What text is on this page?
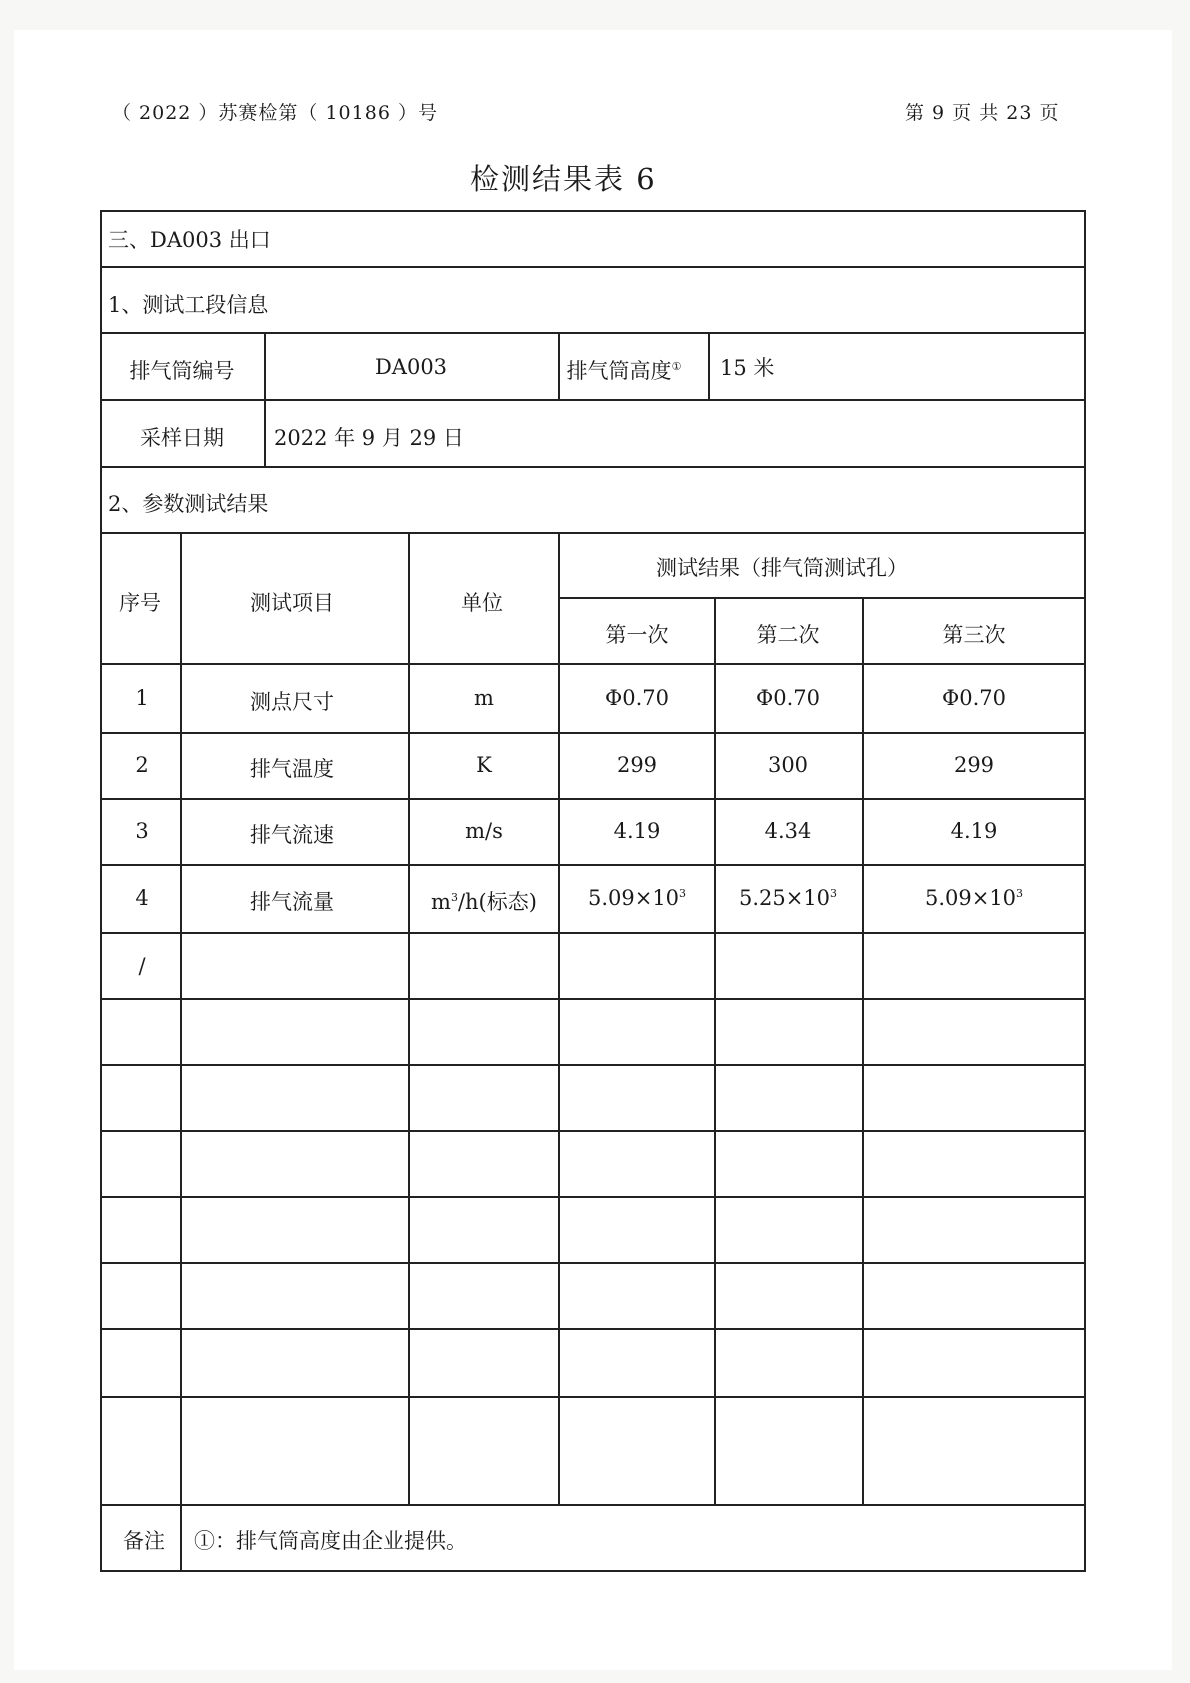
（ 2022 ）苏赛检第（ 10186 ）号	第 9 页 共 23 页
检测结果表 6
三、DA003 出口
1、测试工段信息
排气筒编号	DA003	排气筒高度① 15 米
采样日期 2022 年 9 月 29 日
2、参数测试结果
序号	测试项目	单位
测试结果（排气筒测试孔）
第一次	第二次	第三次
1	测点尺寸	m	Φ0.70	Φ0.70	Φ0.70
2	排气温度	K	299	300	299
3	排气流速	m/s	4.19	4.34	4.19
4	排气流量	$m^3/h$(标态) $5.09\times 10^3$	$5.25\times 10^3$	$5.09\times 10^3$
/
备注 ①：排气筒高度由企业提供。
